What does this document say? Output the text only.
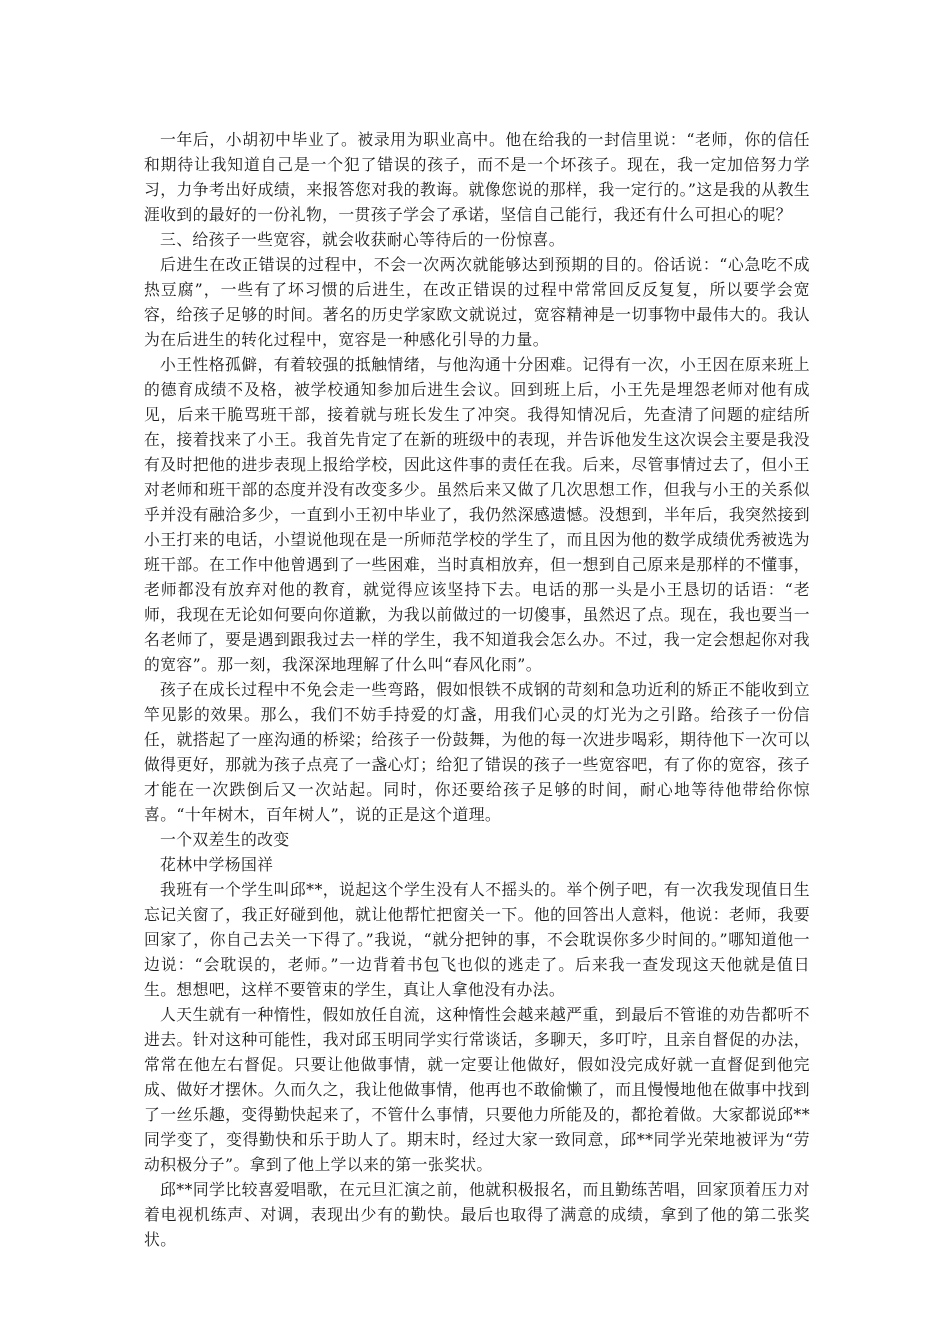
一年后，小胡初中毕业了。被录用为职业高中。他在给我的一封信里说：“老师，你的信任和期待让我知道自己是一个犯了错误的孩子，而不是一个坏孩子。现在，我一定加倍努力学习，力争考出好成绩，来报答您对我的教诲。就像您说的那样，我一定行的。”这是我的从教生涯收到的最好的一份礼物，一贯孩子学会了承诺，坚信自己能行，我还有什么可担心的呢？

三、给孩子一些宽容，就会收获耐心等待后的一份惊喜。

后进生在改正错误的过程中，不会一次两次就能够达到预期的目的。俗话说：“心急吃不成热豆腐”，一些有了坏习惯的后进生，在改正错误的过程中常常回反反复复，所以要学会宽容，给孩子足够的时间。著名的历史学家欧文就说过，宽容精神是一切事物中最伟大的。我认为在后进生的转化过程中，宽容是一种感化引导的力量。

小王性格孤僻，有着较强的抵触情绪，与他沟通十分困难。记得有一次，小王因在原来班上的德育成绩不及格，被学校通知参加后进生会议。回到班上后，小王先是埋怨老师对他有成见，后来干脆骂班干部，接着就与班长发生了冲突。我得知情况后，先查清了问题的症结所在，接着找来了小王。我首先肯定了在新的班级中的表现，并告诉他发生这次误会主要是我没有及时把他的进步表现上报给学校，因此这件事的责任在我。后来，尽管事情过去了，但小王对老师和班干部的态度并没有改变多少。虽然后来又做了几次思想工作，但我与小王的关系似乎并没有融洽多少，一直到小王初中毕业了，我仍然深感遗憾。没想到，半年后，我突然接到小王打来的电话，小望说他现在是一所师范学校的学生了，而且因为他的数学成绩优秀被选为班干部。在工作中他曾遇到了一些困难，当时真相放弃，但一想到自己原来是那样的不懂事，老师都没有放弃对他的教育，就觉得应该坚持下去。电话的那一头是小王恳切的话语：“老师，我现在无论如何要向你道歉，为我以前做过的一切傻事，虽然迟了点。现在，我也要当一名老师了，要是遇到跟我过去一样的学生，我不知道我会怎么办。不过，我一定会想起你对我的宽容”。那一刻，我深深地理解了什么叫“春风化雨”。

孩子在成长过程中不免会走一些弯路，假如恨铁不成钢的苛刻和急功近利的矫正不能收到立竿见影的效果。那么，我们不妨手持爱的灯盏，用我们心灵的灯光为之引路。给孩子一份信任，就搭起了一座沟通的桥梁；给孩子一份鼓舞，为他的每一次进步喝彩，期待他下一次可以做得更好，那就为孩子点亮了一盏心灯；给犯了错误的孩子一些宽容吧，有了你的宽容，孩子才能在一次跌倒后又一次站起。同时，你还要给孩子足够的时间，耐心地等待他带给你惊喜。“十年树木，百年树人”，说的正是这个道理。

一个双差生的改变

花林中学杨国祥

我班有一个学生叫邱**，说起这个学生没有人不摇头的。举个例子吧，有一次我发现值日生忘记关窗了，我正好碰到他，就让他帮忙把窗关一下。他的回答出人意料，他说：老师，我要回家了，你自己去关一下得了。”我说，“就分把钟的事，不会耽误你多少时间的。”哪知道他一边说：“会耽误的，老师。”一边背着书包飞也似的逃走了。后来我一查发现这天他就是值日生。想想吧，这样不要管束的学生，真让人拿他没有办法。

人天生就有一种惰性，假如放任自流，这种惰性会越来越严重，到最后不管谁的劝告都听不进去。针对这种可能性，我对邱玉明同学实行常谈话，多聊天，多叮咛，且亲自督促的办法，常常在他左右督促。只要让他做事情，就一定要让他做好，假如没完成好就一直督促到他完成、做好才摆休。久而久之，我让他做事情，他再也不敢偷懒了，而且慢慢地他在做事中找到了一丝乐趣，变得勤快起来了，不管什么事情，只要他力所能及的，都抢着做。大家都说邱**同学变了，变得勤快和乐于助人了。期末时，经过大家一致同意，邱**同学光荣地被评为“劳动积极分子”。拿到了他上学以来的第一张奖状。

邱**同学比较喜爱唱歌，在元旦汇演之前，他就积极报名，而且勤练苦唱，回家顶着压力对着电视机练声、对调，表现出少有的勤快。最后也取得了满意的成绩，拿到了他的第二张奖状。
